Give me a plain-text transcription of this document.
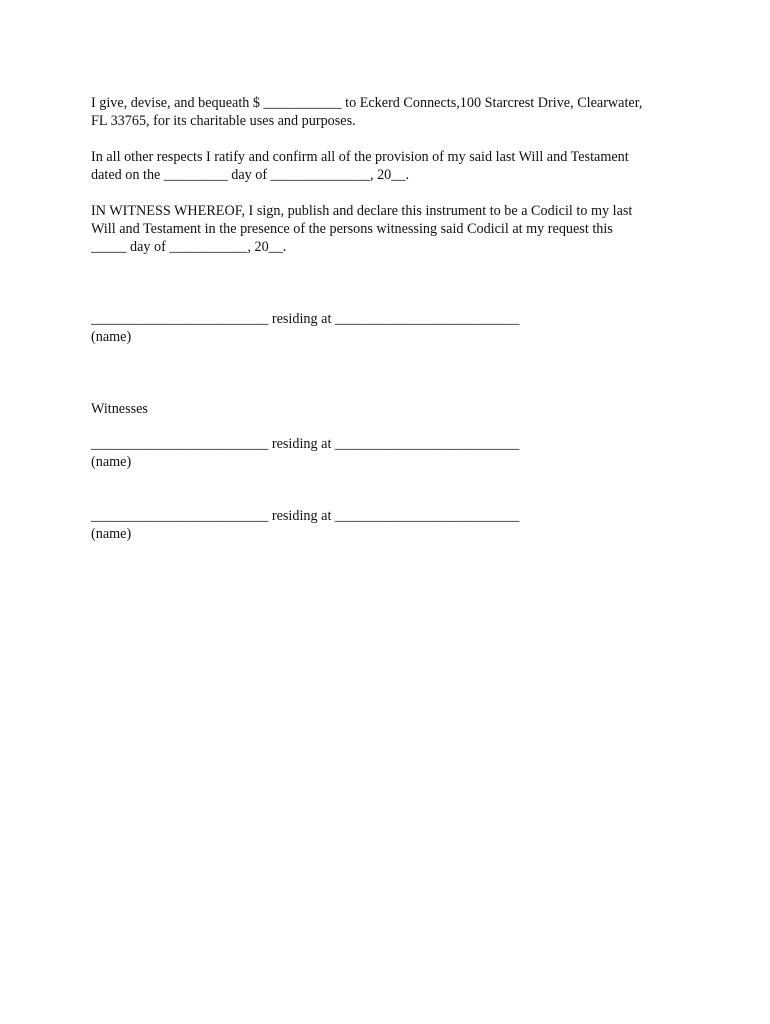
I give, devise, and bequeath $ ___________ to Eckerd Connects,100 Starcrest Drive, Clearwater,
FL 33765, for its charitable uses and purposes.
In all other respects I ratify and confirm all of the provision of my said last Will and Testament
dated on the _________ day of ______________, 20__.
IN WITNESS WHEREOF, I sign, publish and declare this instrument to be a Codicil to my last
Will and Testament in the presence of the persons witnessing said Codicil at my request this
_____ day of ___________, 20__.
_________________________ residing at __________________________
(name)
Witnesses
_________________________ residing at __________________________
(name)
_________________________ residing at __________________________
(name)
